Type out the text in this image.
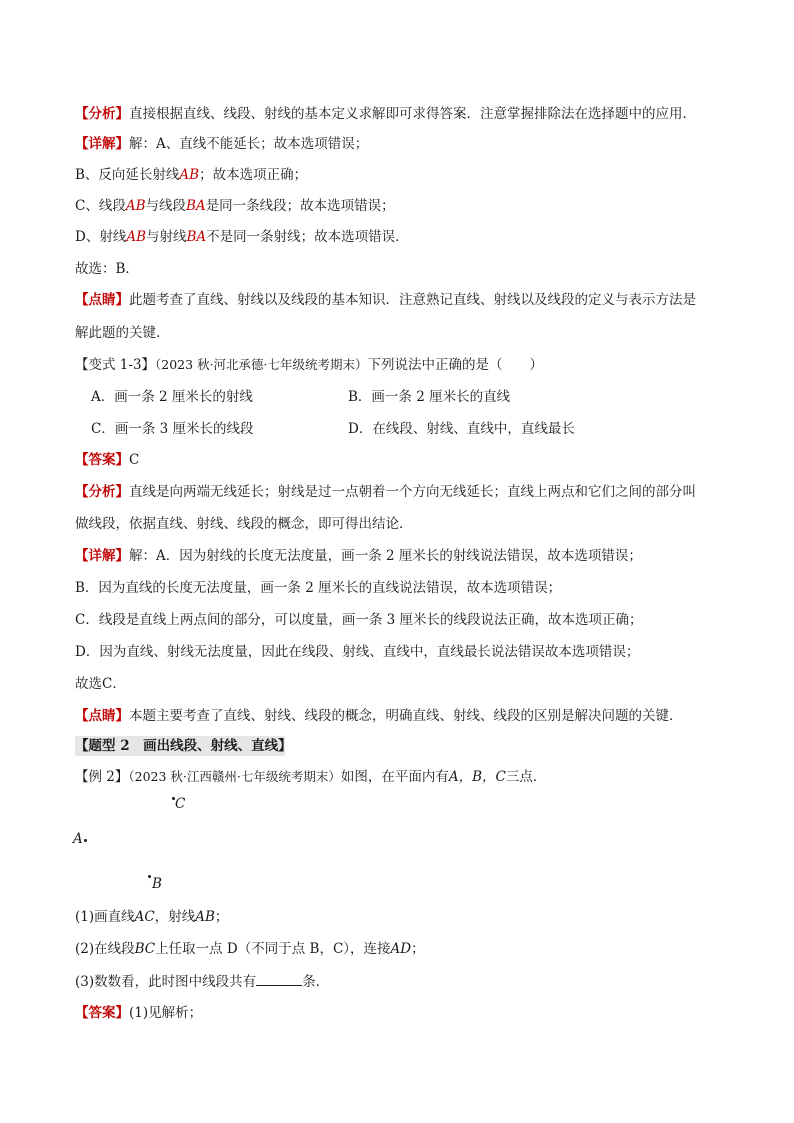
【分析】直接根据直线、线段、射线的基本定义求解即可求得答案．注意掌握排除法在选择题中的应用．
【详解】解：A、直线不能延长；故本选项错误；
B、反向延长射线AB；故本选项正确；
C、线段AB与线段BA是同一条线段；故本选项错误；
D、射线AB与射线BA不是同一条射线；故本选项错误．
故选：B．
【点睛】此题考查了直线、射线以及线段的基本知识．注意熟记直线、射线以及线段的定义与表示方法是
解此题的关键．
【变式 1-3】（2023 秋·河北承德·七年级统考期末）下列说法中正确的是（　　）
A．画一条 2 厘米长的射线	B．画一条 2 厘米长的直线
C．画一条 3 厘米长的线段	D．在线段、射线、直线中，直线最长
【答案】C
【分析】直线是向两端无线延长；射线是过一点朝着一个方向无线延长；直线上两点和它们之间的部分叫
做线段，依据直线、射线、线段的概念，即可得出结论．
【详解】解：A．因为射线的长度无法度量，画一条 2 厘米长的射线说法错误，故本选项错误；
B．因为直线的长度无法度量，画一条 2 厘米长的直线说法错误，故本选项错误；
C．线段是直线上两点间的部分，可以度量，画一条 3 厘米长的线段说法正确，故本选项正确；
D．因为直线、射线无法度量，因此在线段、射线、直线中，直线最长说法错误故本选项错误；
故选C．
【点睛】本题主要考查了直线、射线、线段的概念，明确直线、射线、线段的区别是解决问题的关键．
【题型 2　画出线段、射线、直线】
【例 2】（2023 秋·江西赣州·七年级统考期末）如图，在平面内有A，B，C三点．
C
A
B
(1)画直线AC，射线AB；
(2)在线段BC上任取一点 D（不同于点 B，C），连接AD；
(3)数数看，此时图中线段共有	条．
【答案】(1)见解析；
